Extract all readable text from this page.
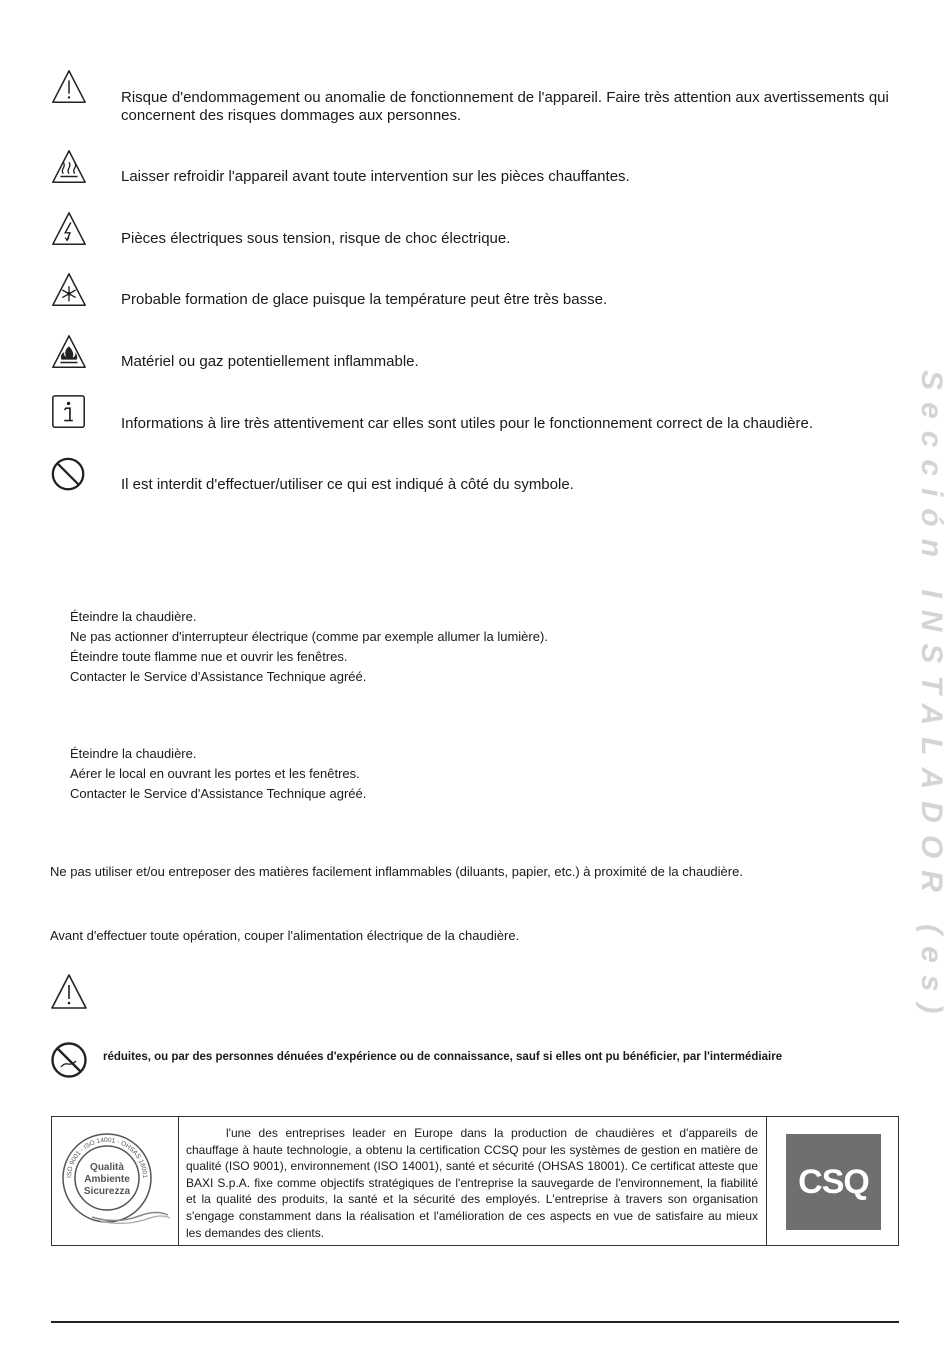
Risque d'endommagement ou anomalie de fonctionnement de l'appareil. Faire très attention aux avertissements qui concernent des risques dommages aux personnes.
Laisser refroidir l'appareil avant toute intervention sur les pièces chauffantes.
Pièces électriques sous tension, risque de choc électrique.
Probable formation de glace puisque la température peut être très basse.
Matériel ou gaz potentiellement inflammable.
Informations à lire très attentivement car elles sont utiles pour le fonctionnement correct de la chaudière.
Il est interdit d'effectuer/utiliser ce qui est indiqué à côté du symbole.
Éteindre la chaudière.
Ne pas actionner d'interrupteur électrique (comme par exemple allumer la lumière).
Éteindre toute flamme nue et ouvrir les fenêtres.
Contacter le Service d'Assistance Technique agréé.
Éteindre la chaudière.
Aérer le local en ouvrant les portes et les fenêtres.
Contacter le Service d'Assistance Technique agréé.
Ne pas utiliser et/ou entreposer des matières facilement inflammables (diluants, papier, etc.) à proximité de la chaudière.
Avant d'effectuer toute opération, couper l'alimentation électrique de la chaudière.
réduites, ou par des personnes dénuées d'expérience ou de connaissance, sauf si elles ont pu bénéficier, par l'intermédiaire
Sección INSTALADOR (es)
ISO 9001 - ISO 14001 - OHSAS 18001
Qualità
Ambiente
Sicurezza
l'une des entreprises leader en Europe dans la production de chaudières et d'appareils de chauffage à haute technologie, a obtenu la certification CCSQ pour les systèmes de gestion en matière de qualité (ISO 9001), environnement (ISO 14001), santé et sécurité (OHSAS 18001). Ce certificat atteste que BAXI S.p.A. fixe comme objectifs stratégiques de l'entreprise la sauvegarde de l'environnement, la fiabilité et la qualité des produits, la santé et la sécurité des employés. L'entreprise à travers son organisation s'engage constamment dans la réalisation et l'amélioration de ces aspects en vue de satisfaire au mieux les demandes des clients.
CSQ
